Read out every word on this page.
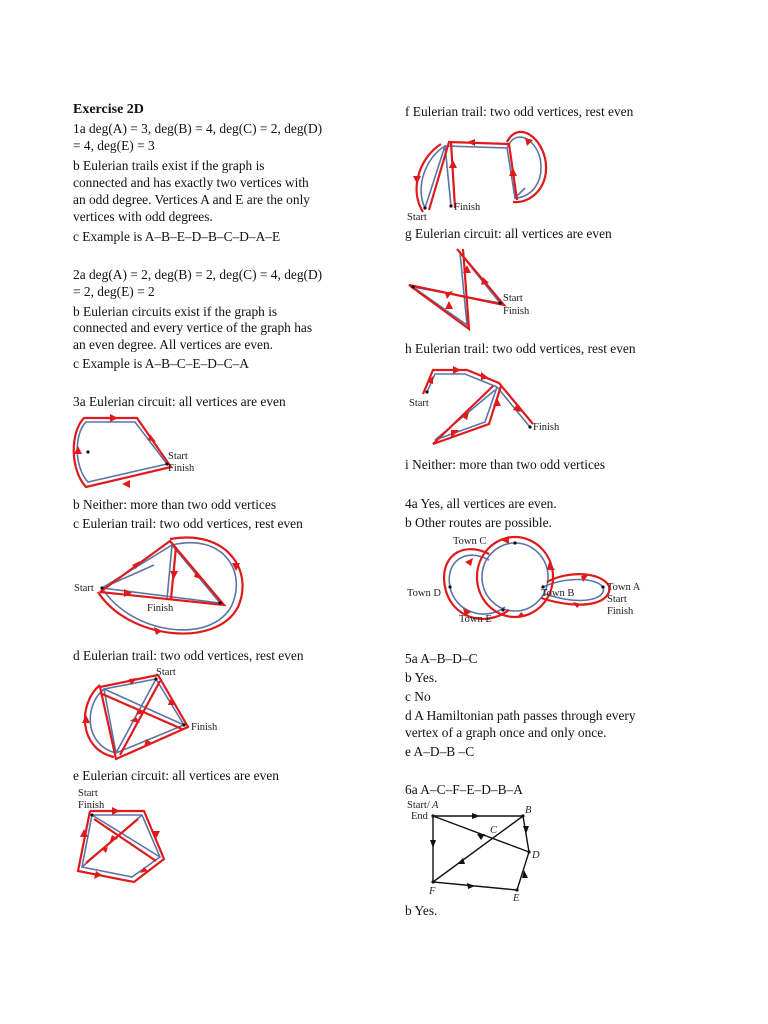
Exercise 2D
1a deg(A) = 3, deg(B) = 4, deg(C) = 2, deg(D)
= 4, deg(E) = 3
b Eulerian trails exist if the graph is
connected and has exactly two vertices with
an odd degree. Vertices A and E are the only
vertices with odd degrees.
c Example is A–B–E–D–B–C–D–A–E
2a deg(A) = 2, deg(B) = 2, deg(C) = 4, deg(D)
= 2, deg(E) = 2
b Eulerian circuits exist if the graph is
connected and every vertice of the graph has
an even degree. All vertices are even.
c Example is A–B–C–E–D–C–A
3a Eulerian circuit: all vertices are even
b Neither: more than two odd vertices
c Eulerian trail: two odd vertices, rest even
d Eulerian trail: two odd vertices, rest even
e Eulerian circuit: all vertices are even
f Eulerian trail: two odd vertices, rest even
g Eulerian circuit: all vertices are even
h Eulerian trail: two odd vertices, rest even
i Neither: more than two odd vertices
4a Yes, all vertices are even.
b Other routes are possible.
5a A–B–D–C
b Yes.
c No
d A Hamiltonian path passes through every
vertex of a graph once and only once.
e A–D–B –C
6a A–C–F–E–D–B–A
b Yes.
Start
Finish
Start
Finish
Start
Finish
Start
Finish
Start
Finish
Start
Finish
Start
Finish
Town C
Town D	Town B
Town E
Town A
Start
Finish
Start/
End
A	B
C
D
E
F
